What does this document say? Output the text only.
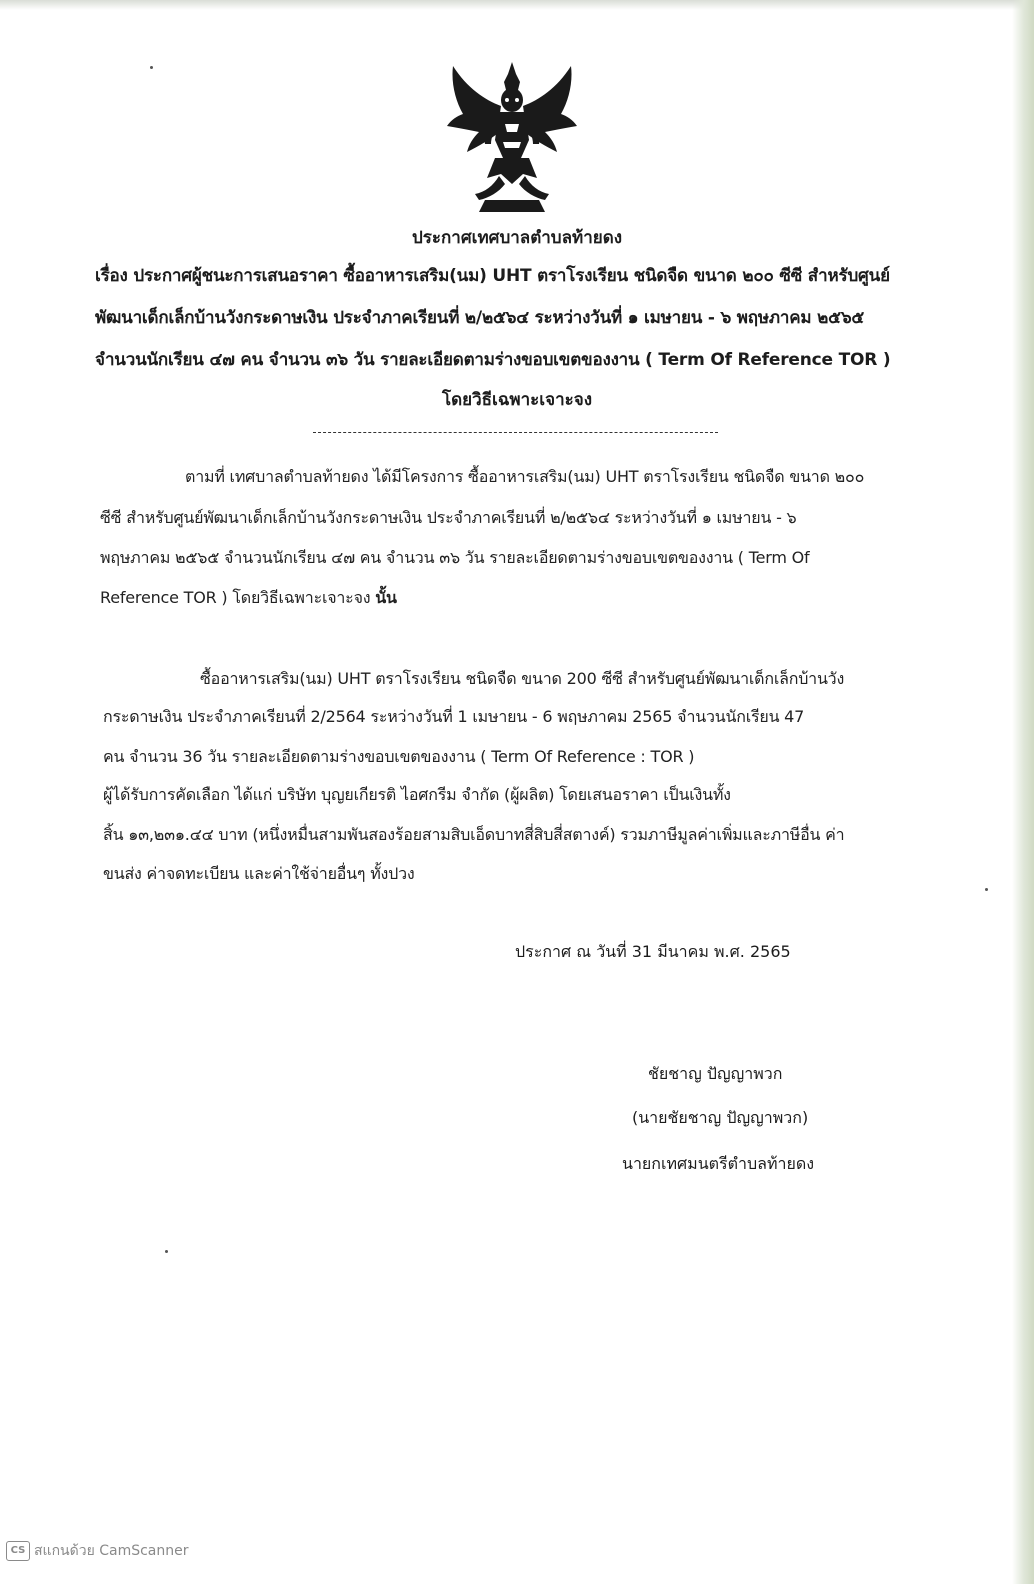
ประกาศเทศบาลตำบลท้ายดง
เรื่อง ประกาศผู้ชนะการเสนอราคา ซื้ออาหารเสริม(นม) UHT ตราโรงเรียน ชนิดจืด ขนาด ๒๐๐ ซีซี สำหรับศูนย์
พัฒนาเด็กเล็กบ้านวังกระดาษเงิน ประจำภาคเรียนที่ ๒/๒๕๖๔ ระหว่างวันที่ ๑ เมษายน - ๖ พฤษภาคม ๒๕๖๕
จำนวนนักเรียน ๔๗ คน จำนวน ๓๖ วัน รายละเอียดตามร่างขอบเขตของงาน ( Term Of Reference TOR )
โดยวิธีเฉพาะเจาะจง
ตามที่ เทศบาลตำบลท้ายดง ได้มีโครงการ ซื้ออาหารเสริม(นม) UHT ตราโรงเรียน ชนิดจืด ขนาด ๒๐๐
ซีซี สำหรับศูนย์พัฒนาเด็กเล็กบ้านวังกระดาษเงิน ประจำภาคเรียนที่ ๒/๒๕๖๔ ระหว่างวันที่ ๑ เมษายน - ๖
พฤษภาคม ๒๕๖๕ จำนวนนักเรียน ๔๗ คน จำนวน ๓๖ วัน รายละเอียดตามร่างขอบเขตของงาน ( Term Of
Reference TOR ) โดยวิธีเฉพาะเจาะจง นั้น
ซื้ออาหารเสริม(นม) UHT ตราโรงเรียน ชนิดจืด ขนาด 200 ซีซี สำหรับศูนย์พัฒนาเด็กเล็กบ้านวัง
กระดาษเงิน ประจำภาคเรียนที่ 2/2564 ระหว่างวันที่ 1 เมษายน - 6 พฤษภาคม 2565 จำนวนนักเรียน 47
คน จำนวน 36 วัน รายละเอียดตามร่างขอบเขตของงาน ( Term Of Reference : TOR )
ผู้ได้รับการคัดเลือก ได้แก่ บริษัท บุญยเกียรติ ไอศกรีม จำกัด (ผู้ผลิต) โดยเสนอราคา เป็นเงินทั้ง
สิ้น ๑๓,๒๓๑.๔๔ บาท (หนึ่งหมื่นสามพันสองร้อยสามสิบเอ็ดบาทสี่สิบสี่สตางค์) รวมภาษีมูลค่าเพิ่มและภาษีอื่น ค่า
ขนส่ง ค่าจดทะเบียน และค่าใช้จ่ายอื่นๆ ทั้งปวง
ประกาศ ณ วันที่ 31 มีนาคม พ.ศ. 2565
ชัยชาญ ปัญญาพวก
(นายชัยชาญ ปัญญาพวก)
นายกเทศมนตรีตำบลท้ายดง
CS สแกนด้วย CamScanner
